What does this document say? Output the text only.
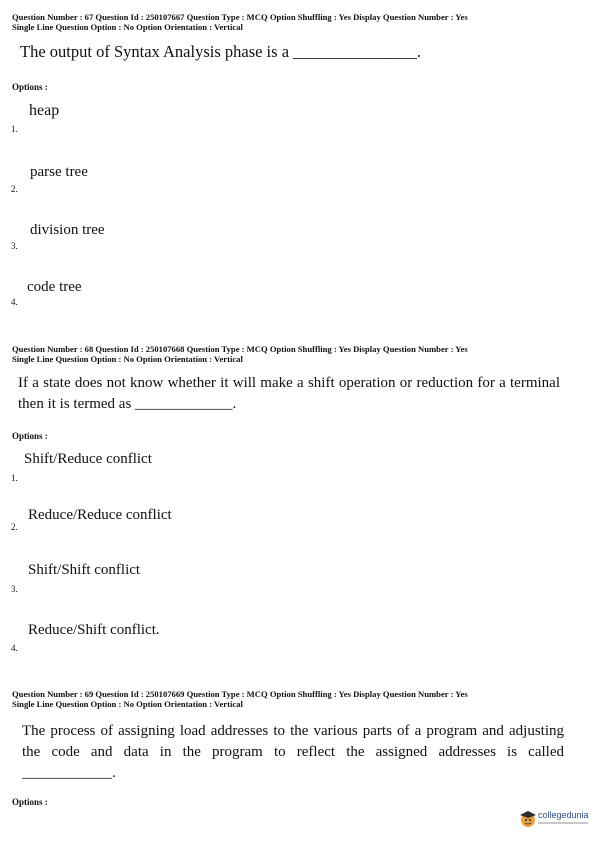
Question Number : 67 Question Id : 250107667 Question Type : MCQ Option Shuffling : Yes Display Question Number : Yes
Single Line Question Option : No Option Orientation : Vertical
The output of Syntax Analysis phase is a _______________.
Options :
heap
1.
parse tree
2.
division tree
3.
code tree
4.
Question Number : 68 Question Id : 250107668 Question Type : MCQ Option Shuffling : Yes Display Question Number : Yes
Single Line Question Option : No Option Orientation : Vertical
If a state does not know whether it will make a shift operation or reduction for a terminal then it is termed as _____________.
Options :
Shift/Reduce conflict
1.
Reduce/Reduce conflict
2.
Shift/Shift conflict
3.
Reduce/Shift conflict.
4.
Question Number : 69 Question Id : 250107669 Question Type : MCQ Option Shuffling : Yes Display Question Number : Yes
Single Line Question Option : No Option Orientation : Vertical
The process of assigning load addresses to the various parts of a program and adjusting the code and data in the program to reflect the assigned addresses is called ____________.
Options :
collegedunia
